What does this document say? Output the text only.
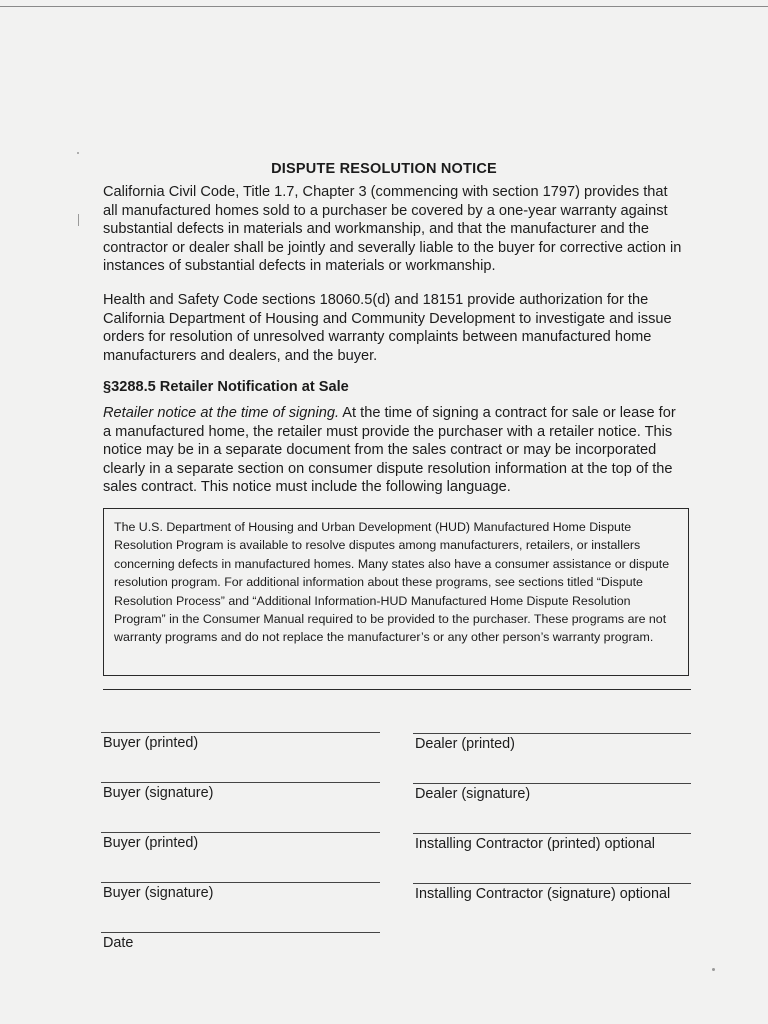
DISPUTE RESOLUTION NOTICE

California Civil Code, Title 1.7, Chapter 3 (commencing with section 1797) provides that all manufactured homes sold to a purchaser be covered by a one-year warranty against substantial defects in materials and workmanship, and that the manufacturer and the contractor or dealer shall be jointly and severally liable to the buyer for corrective action in instances of substantial defects in materials or workmanship.

Health and Safety Code sections 18060.5(d) and 18151 provide authorization for the California Department of Housing and Community Development to investigate and issue orders for resolution of unresolved warranty complaints between manufactured home manufacturers and dealers, and the buyer.

§3288.5 Retailer Notification at Sale

Retailer notice at the time of signing. At the time of signing a contract for sale or lease for a manufactured home, the retailer must provide the purchaser with a retailer notice. This notice may be in a separate document from the sales contract or may be incorporated clearly in a separate section on consumer dispute resolution information at the top of the sales contract. This notice must include the following language.

The U.S. Department of Housing and Urban Development (HUD) Manufactured Home Dispute Resolution Program is available to resolve disputes among manufacturers, retailers, or installers concerning defects in manufactured homes. Many states also have a consumer assistance or dispute resolution program. For additional information about these programs, see sections titled “Dispute Resolution Process” and “Additional Information-HUD Manufactured Home Dispute Resolution Program” in the Consumer Manual required to be provided to the purchaser. These programs are not warranty programs and do not replace the manufacturer’s or any other person’s warranty program.

Buyer (printed)
Buyer (signature)
Buyer (printed)
Buyer (signature)
Date
Dealer (printed)
Dealer (signature)
Installing Contractor (printed) optional
Installing Contractor (signature) optional
